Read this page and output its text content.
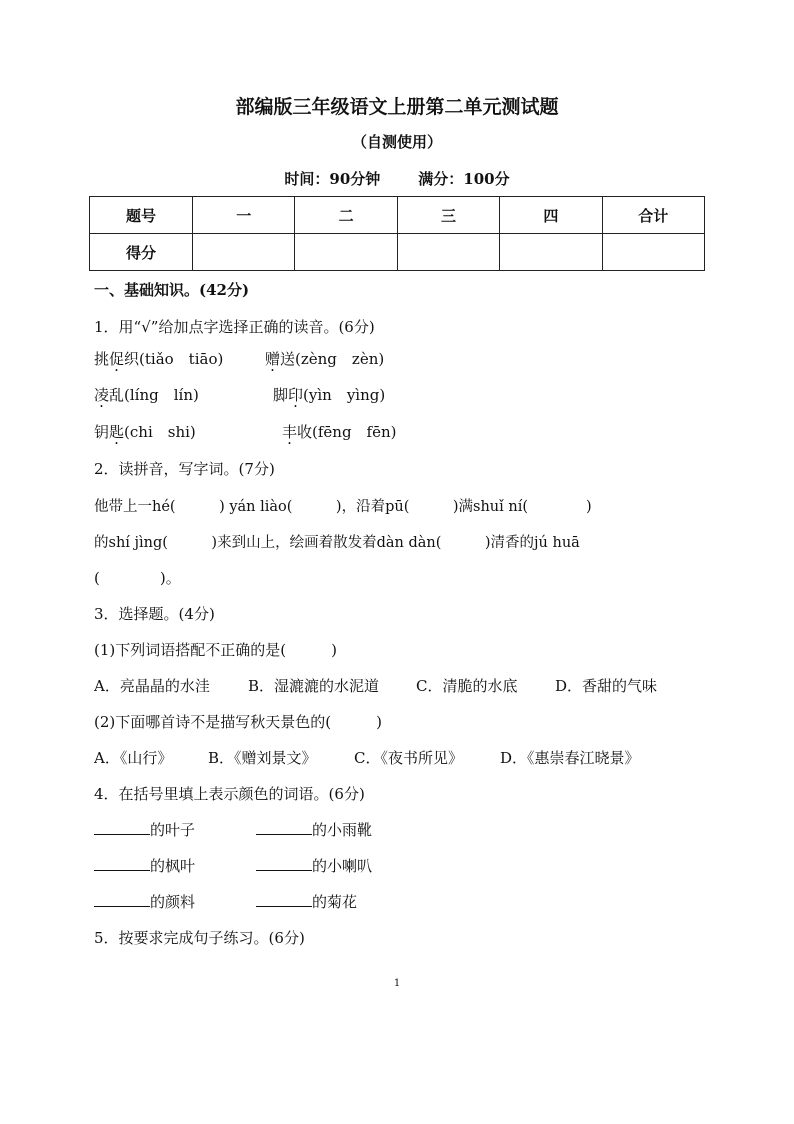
部编版三年级语文上册第二单元测试题
（自测使用）
时间：90分钟	满分：100分
题号	一	二	三	四	合计
得分					
一、基础知识。(42分)
1．用“√”给加点字选择正确的读音。(6分)
挑促织(tiǎo　tiāo)	赠送(zèng　zèn)
凌乱(líng　lín)	脚印(yìn　yìng)
钥匙(chi　shi)	丰收(fēng　fēn)
2．读拼音，写字词。(7分)
他带上一hé(　　　) yán liào(　　　)，沿着pū(　　　)满shuǐ ní(　　　　)
的shí jìng(　　　)来到山上，绘画着散发着dàn dàn(　　　)清香的jú huā
(　　　　)。
3．选择题。(4分)
(1)下列词语搭配不正确的是(　　　)
A．亮晶晶的水洼	B．湿漉漉的水泥道 C．清脆的水底	D．香甜的气味
(2)下面哪首诗不是描写秋天景色的(　　　)
A．《山行》 B．《赠刘景文》 C．《夜书所见》 D．《惠崇春江晓景》
4．在括号里填上表示颜色的词语。(6分)
的叶子	的小雨靴
的枫叶	的小喇叭
的颜料	的菊花
5．按要求完成句子练习。(6分)
1
